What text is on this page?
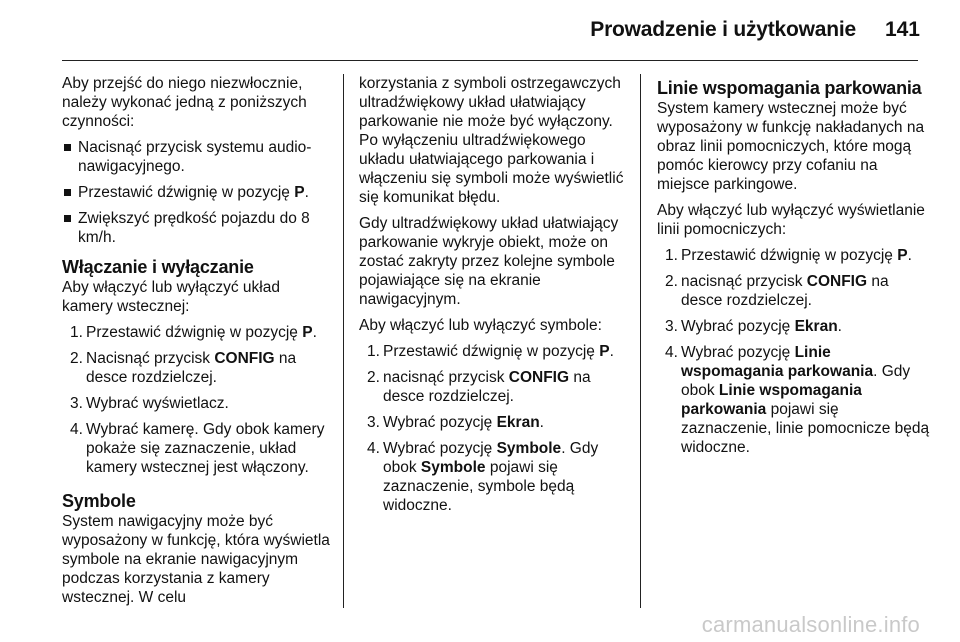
Prowadzenie i użytkowanie 141

Aby przejść do niego niezwłocznie, należy wykonać jedną z poniższych czynności:

Nacisnąć przycisk systemu audio-nawigacyjnego.
Przestawić dźwignię w pozycję P.
Zwiększyć prędkość pojazdu do 8 km/h.
Włączanie i wyłączanie

Aby włączyć lub wyłączyć układ kamery wstecznej:

1. Przestawić dźwignię w pozycję P.
2. Nacisnąć przycisk CONFIG na desce rozdzielczej.
3. Wybrać wyświetlacz.
4. Wybrać kamerę. Gdy obok kamery pokaże się zaznaczenie, układ kamery wstecznej jest włączony.
Symbole

System nawigacyjny może być wyposażony w funkcję, która wyświetla symbole na ekranie nawigacyjnym podczas korzystania z kamery wstecznej. W celu

korzystania z symboli ostrzegawczych ultradźwiękowy układ ułatwiający parkowanie nie może być wyłączony. Po wyłączeniu ultradźwiękowego układu ułatwiającego parkowania i włączeniu się symboli może wyświetlić się komunikat błędu.

Gdy ultradźwiękowy układ ułatwiający parkowanie wykryje obiekt, może on zostać zakryty przez kolejne symbole pojawiające się na ekranie nawigacyjnym.

Aby włączyć lub wyłączyć symbole:

1. Przestawić dźwignię w pozycję P.
2. nacisnąć przycisk CONFIG na desce rozdzielczej.
3. Wybrać pozycję Ekran.
4. Wybrać pozycję Symbole. Gdy obok Symbole pojawi się zaznaczenie, symbole będą widoczne.
Linie wspomagania parkowania

System kamery wstecznej może być wyposażony w funkcję nakładanych na obraz linii pomocniczych, które mogą pomóc kierowcy przy cofaniu na miejsce parkingowe.

Aby włączyć lub wyłączyć wyświetlanie linii pomocniczych:

1. Przestawić dźwignię w pozycję P.
2. nacisnąć przycisk CONFIG na desce rozdzielczej.
3. Wybrać pozycję Ekran.
4. Wybrać pozycję Linie wspomagania parkowania. Gdy obok Linie wspomagania parkowania pojawi się zaznaczenie, linie pomocnicze będą widoczne.
carmanualsonline.info
